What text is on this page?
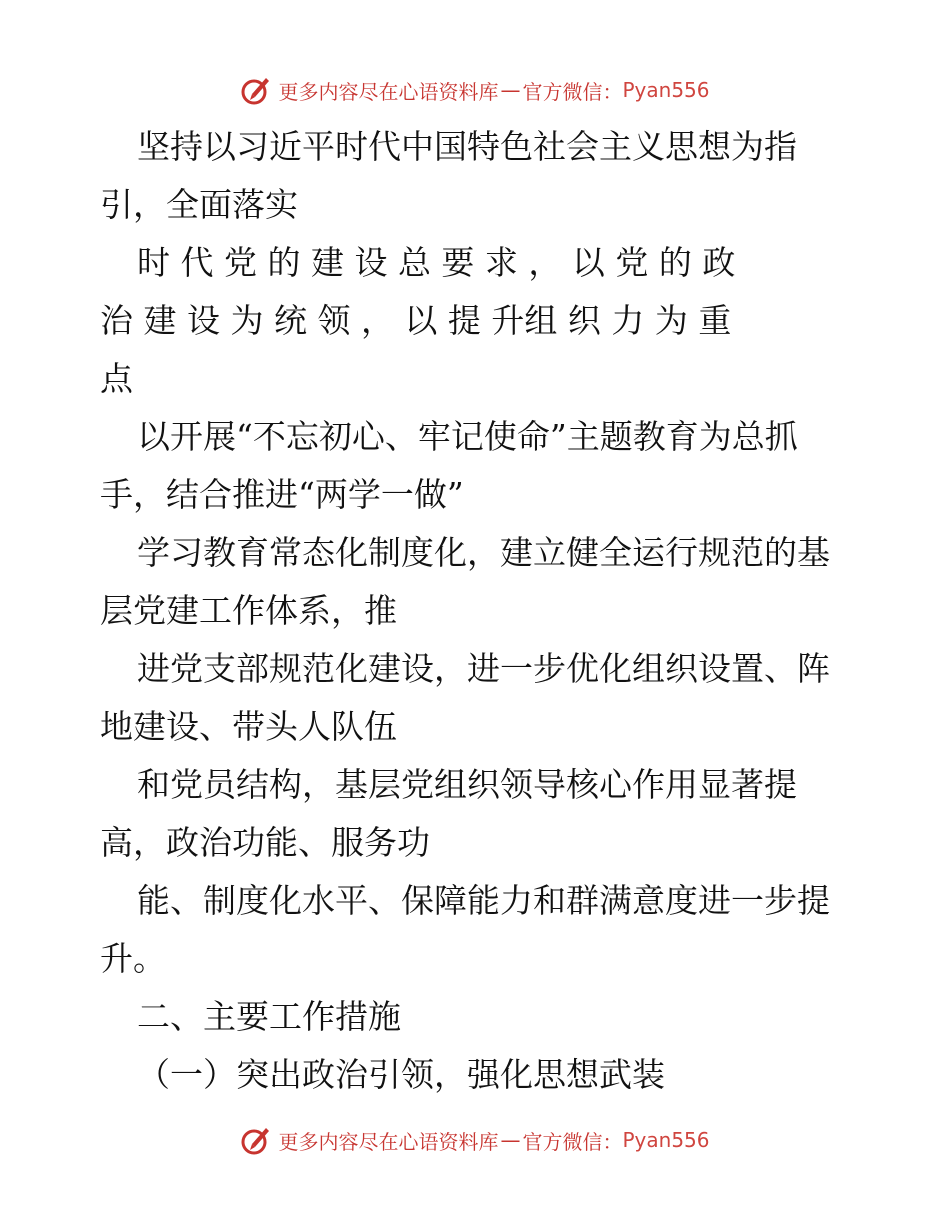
更多内容尽在心语资料库 — 官方微信： Pyan556

坚持以习近平时代中国特色社会主义思想为指

引，全面落实

时 代 党 的 建 设 总 要 求 ， 以 党 的 政

治 建 设 为 统 领 ， 以 提 升组 织 力 为 重

点

以开展“不忘初心、牢记使命”主题教育为总抓

手，结合推进“两学一做”

学习教育常态化制度化，建立健全运行规范的基

层党建工作体系，推

进党支部规范化建设，进一步优化组织设置、阵

地建设、带头人队伍

和党员结构，基层党组织领导核心作用显著提

高，政治功能、服务功

能、制度化水平、保障能力和群满意度进一步提

升。

二、主要工作措施

（一）突出政治引领，强化思想武装

更多内容尽在心语资料库 — 官方微信： Pyan556
